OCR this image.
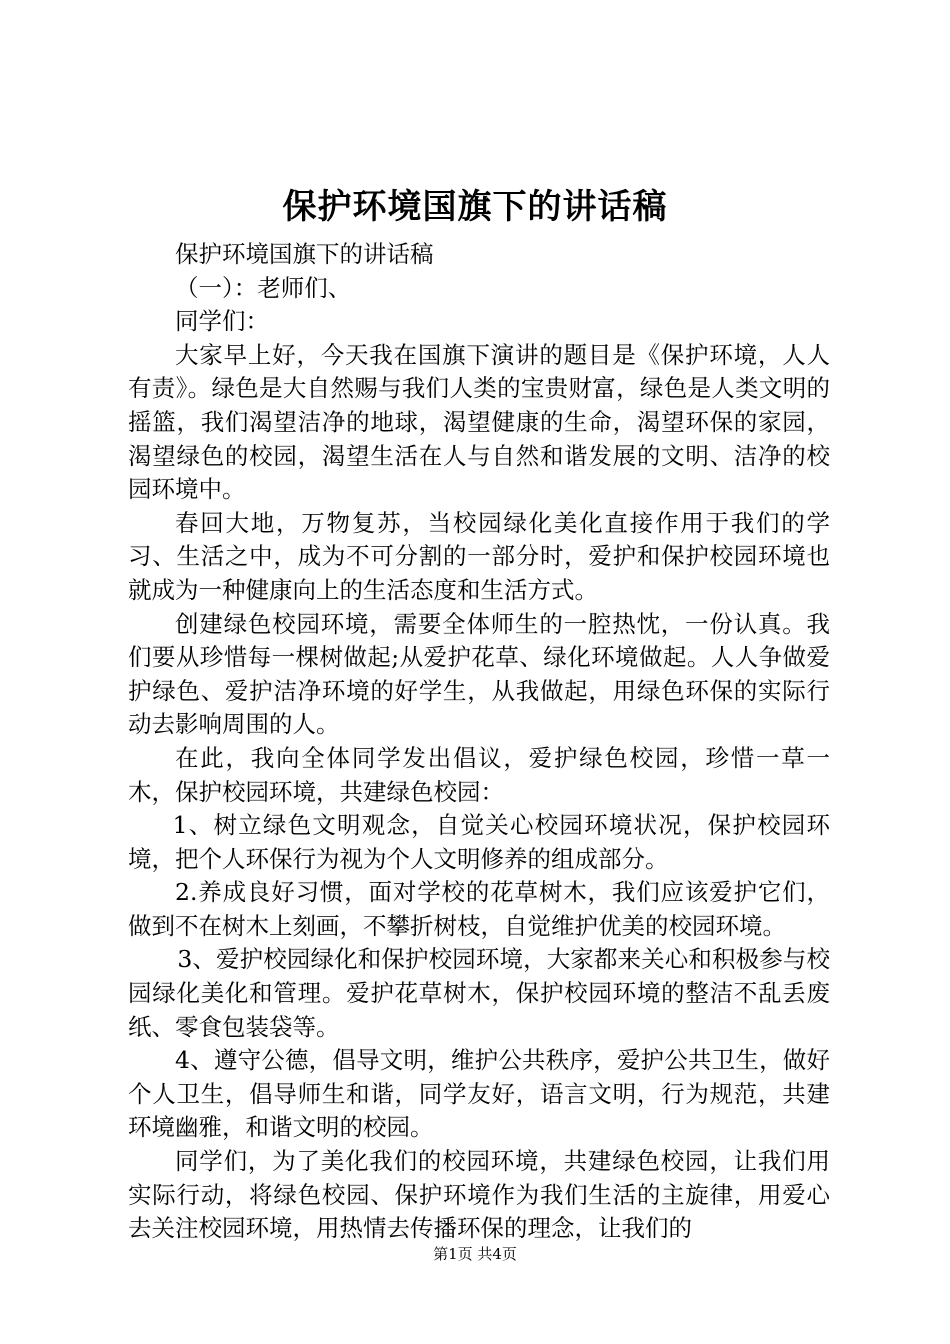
保护环境国旗下的讲话稿

保护环境国旗下的讲话稿

（一）：老师们、

同学们：

大家早上好，今天我在国旗下演讲的题目是《保护环境，人人有责》。绿色是大自然赐与我们人类的宝贵财富，绿色是人类文明的摇篮，我们渴望洁净的地球，渴望健康的生命，渴望环保的家园，渴望绿色的校园，渴望生活在人与自然和谐发展的文明、洁净的校园环境中。

春回大地，万物复苏，当校园绿化美化直接作用于我们的学习、生活之中，成为不可分割的一部分时，爱护和保护校园环境也就成为一种健康向上的生活态度和生活方式。

创建绿色校园环境，需要全体师生的一腔热忱，一份认真。我们要从珍惜每一棵树做起;从爱护花草、绿化环境做起。人人争做爱护绿色、爱护洁净环境的好学生，从我做起，用绿色环保的实际行动去影响周围的人。

在此，我向全体同学发出倡议，爱护绿色校园，珍惜一草一木，保护校园环境，共建绿色校园：

1、树立绿色文明观念，自觉关心校园环境状况，保护校园环境，把个人环保行为视为个人文明修养的组成部分。

2.养成良好习惯，面对学校的花草树木，我们应该爱护它们，做到不在树木上刻画，不攀折树枝，自觉维护优美的校园环境。

3、爱护校园绿化和保护校园环境，大家都来关心和积极参与校园绿化美化和管理。爱护花草树木，保护校园环境的整洁不乱丢废纸、零食包装袋等。

4、遵守公德，倡导文明，维护公共秩序，爱护公共卫生，做好个人卫生，倡导师生和谐，同学友好，语言文明，行为规范，共建环境幽雅，和谐文明的校园。

同学们，为了美化我们的校园环境，共建绿色校园，让我们用实际行动，将绿色校园、保护环境作为我们生活的主旋律，用爱心去关注校园环境，用热情去传播环保的理念，让我们的

第1页 共4页
